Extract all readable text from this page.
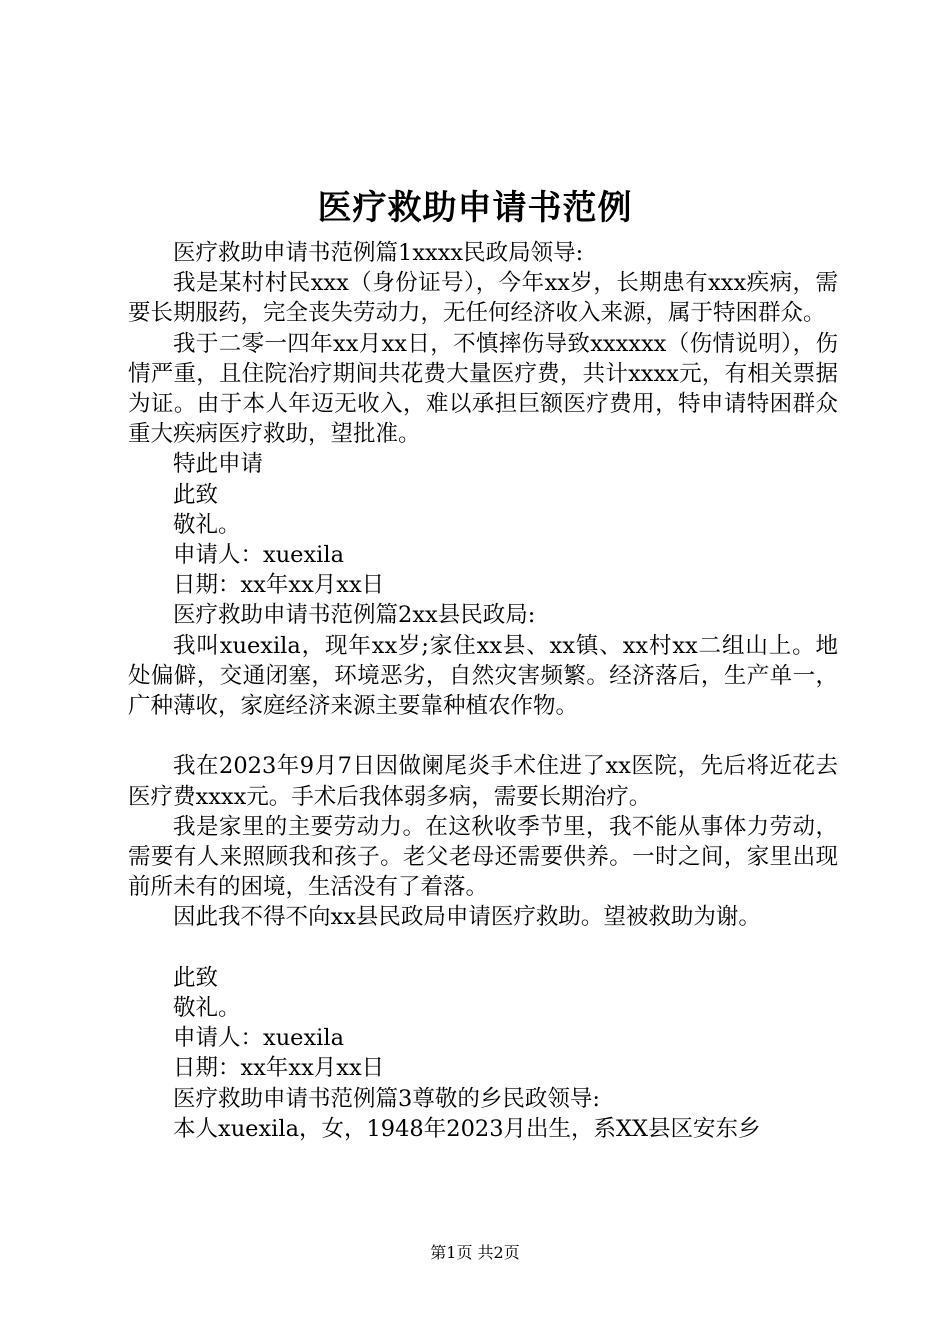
医疗救助申请书范例

医疗救助申请书范例篇1xxxx民政局领导:

我是某村村民xxx（身份证号），今年xx岁，长期患有xxx疾病，需要长期服药，完全丧失劳动力，无任何经济收入来源，属于特困群众。

我于二零一四年xx月xx日，不慎摔伤导致xxxxxx（伤情说明），伤情严重，且住院治疗期间共花费大量医疗费，共计xxxx元，有相关票据为证。由于本人年迈无收入，难以承担巨额医疗费用，特申请特困群众重大疾病医疗救助，望批准。

特此申请

此致

敬礼。

申请人：xuexila

日期：xx年xx月xx日

医疗救助申请书范例篇2xx县民政局:

我叫xuexila，现年xx岁;家住xx县、xx镇、xx村xx二组山上。地处偏僻，交通闭塞，环境恶劣，自然灾害频繁。经济落后，生产单一，广种薄收，家庭经济来源主要靠种植农作物。

我在2023年9月7日因做阑尾炎手术住进了xx医院，先后将近花去医疗费xxxx元。手术后我体弱多病，需要长期治疗。

我是家里的主要劳动力。在这秋收季节里，我不能从事体力劳动，需要有人来照顾我和孩子。老父老母还需要供养。一时之间，家里出现前所未有的困境，生活没有了着落。

因此我不得不向xx县民政局申请医疗救助。望被救助为谢。

此致

敬礼。

申请人：xuexila

日期：xx年xx月xx日

医疗救助申请书范例篇3尊敬的乡民政领导:

本人xuexila，女，1948年2023月出生，系XX县区安东乡

第1页 共2页
